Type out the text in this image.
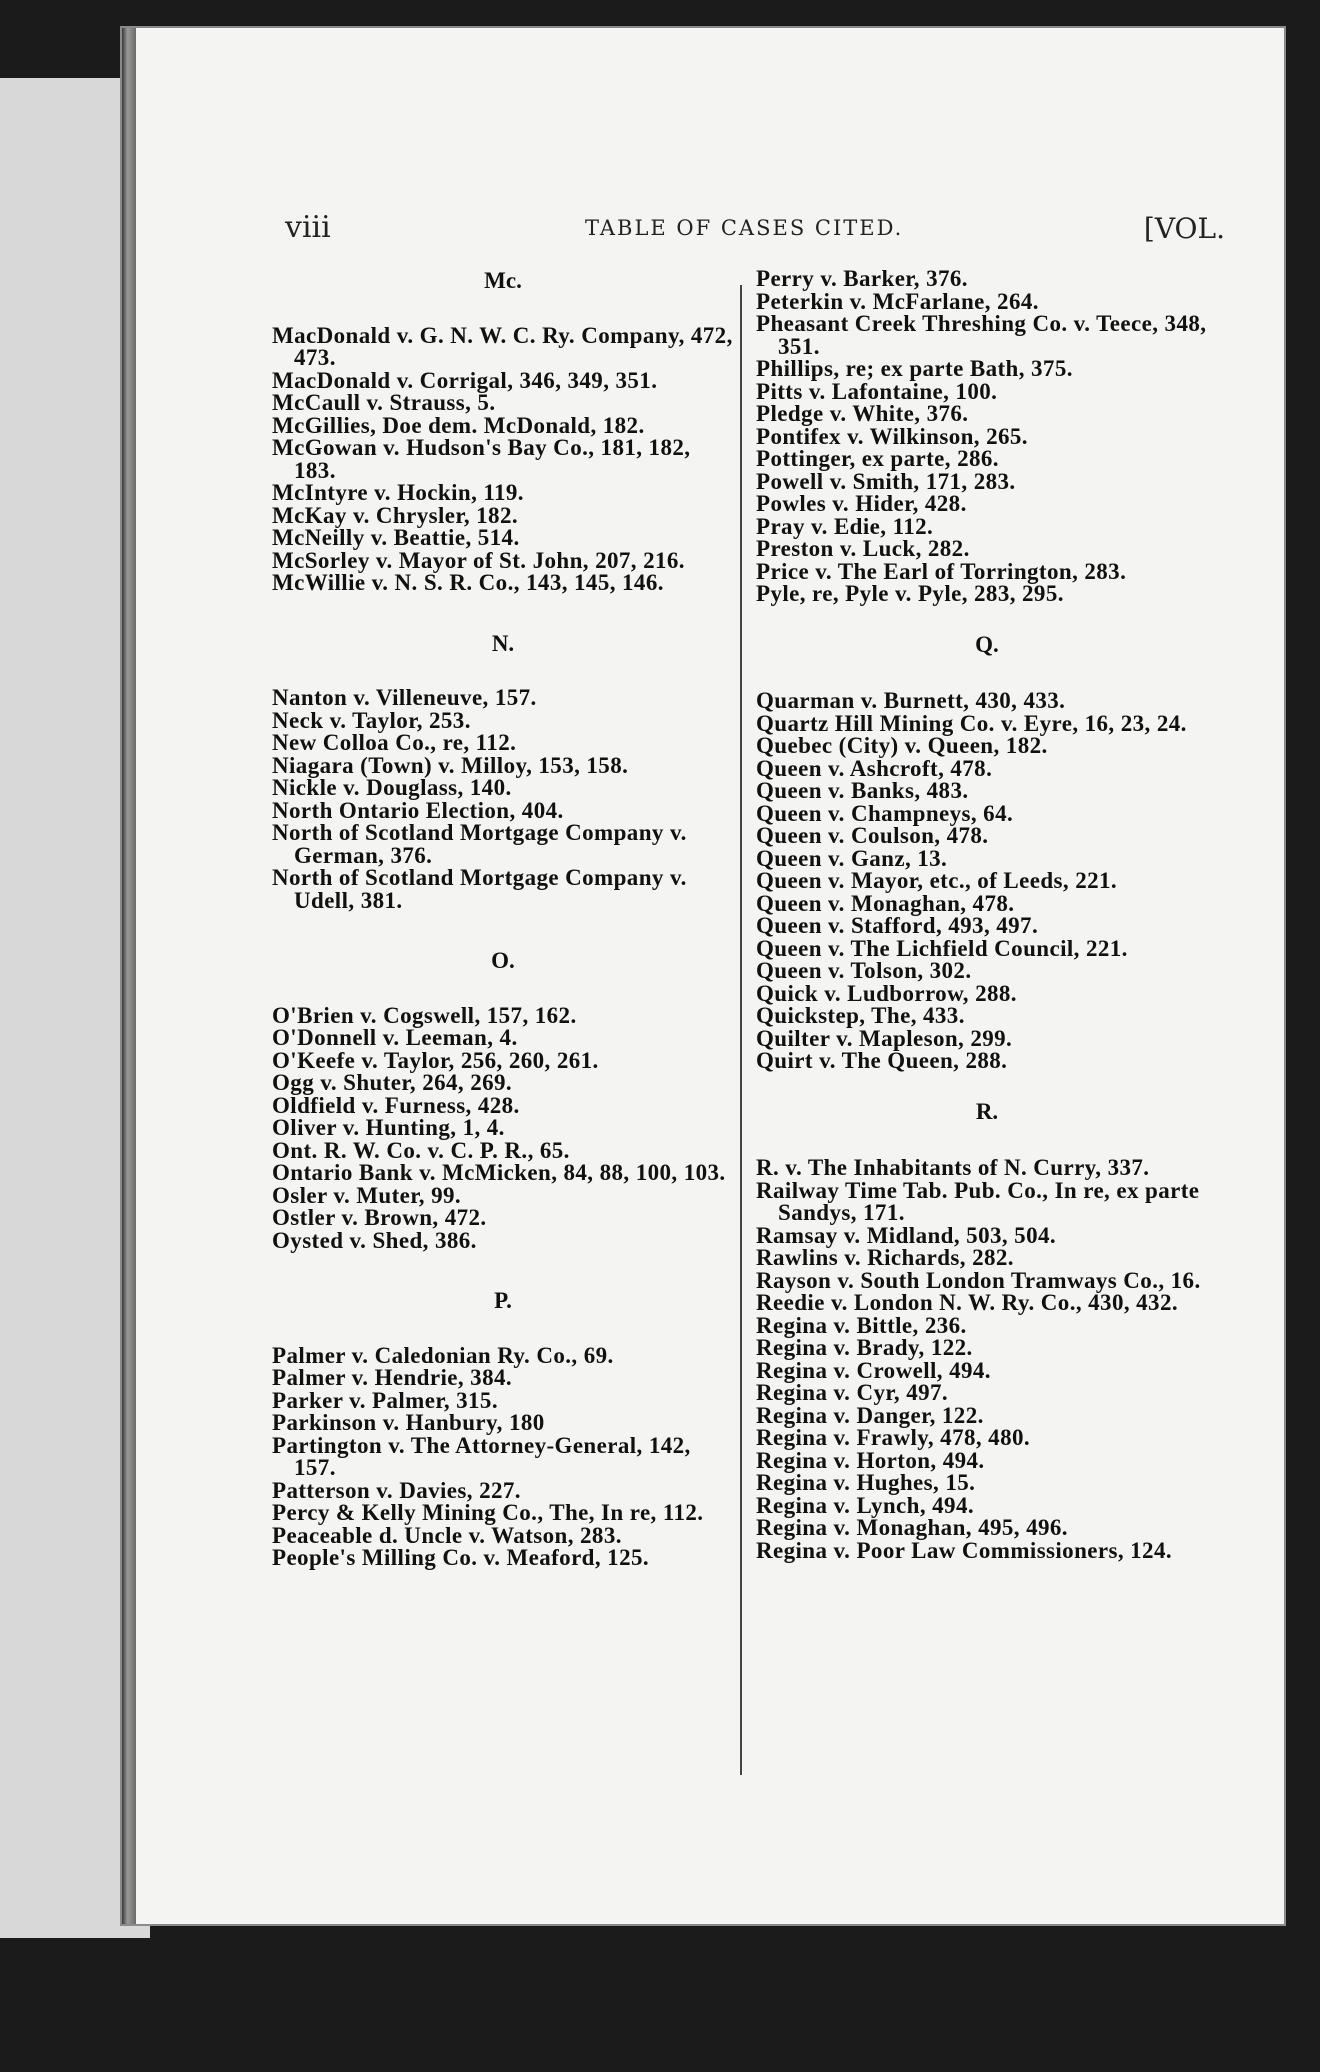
viii	TABLE OF CASES CITED.	[VOL.
Mc.
MacDonald v. G. N. W. C. Ry. Company, 472, 473.
MacDonald v. Corrigal, 346, 349, 351.
McCaull v. Strauss, 5.
McGillies, Doe dem. McDonald, 182.
McGowan v. Hudson's Bay Co., 181, 182, 183.
McIntyre v. Hockin, 119.
McKay v. Chrysler, 182.
McNeilly v. Beattie, 514.
McSorley v. Mayor of St. John, 207, 216.
McWillie v. N. S. R. Co., 143, 145, 146.
N.
Nanton v. Villeneuve, 157.
Neck v. Taylor, 253.
New Colloa Co., re, 112.
Niagara (Town) v. Milloy, 153, 158.
Nickle v. Douglass, 140.
North Ontario Election, 404.
North of Scotland Mortgage Company v. German, 376.
North of Scotland Mortgage Company v. Udell, 381.
O.
O'Brien v. Cogswell, 157, 162.
O'Donnell v. Leeman, 4.
O'Keefe v. Taylor, 256, 260, 261.
Ogg v. Shuter, 264, 269.
Oldfield v. Furness, 428.
Oliver v. Hunting, 1, 4.
Ont. R. W. Co. v. C. P. R., 65.
Ontario Bank v. McMicken, 84, 88, 100, 103.
Osler v. Muter, 99.
Ostler v. Brown, 472.
Oysted v. Shed, 386.
P.
Palmer v. Caledonian Ry. Co., 69.
Palmer v. Hendrie, 384.
Parker v. Palmer, 315.
Parkinson v. Hanbury, 180
Partington v. The Attorney-General, 142, 157.
Patterson v. Davies, 227.
Percy & Kelly Mining Co., The, In re, 112.
Peaceable d. Uncle v. Watson, 283.
People's Milling Co. v. Meaford, 125.
Perry v. Barker, 376.
Peterkin v. McFarlane, 264.
Pheasant Creek Threshing Co. v. Teece, 348, 351.
Phillips, re; ex parte Bath, 375.
Pitts v. Lafontaine, 100.
Pledge v. White, 376.
Pontifex v. Wilkinson, 265.
Pottinger, ex parte, 286.
Powell v. Smith, 171, 283.
Powles v. Hider, 428.
Pray v. Edie, 112.
Preston v. Luck, 282.
Price v. The Earl of Torrington, 283.
Pyle, re, Pyle v. Pyle, 283, 295.
Q.
Quarman v. Burnett, 430, 433.
Quartz Hill Mining Co. v. Eyre, 16, 23, 24.
Quebec (City) v. Queen, 182.
Queen v. Ashcroft, 478.
Queen v. Banks, 483.
Queen v. Champneys, 64.
Queen v. Coulson, 478.
Queen v. Ganz, 13.
Queen v. Mayor, etc., of Leeds, 221.
Queen v. Monaghan, 478.
Queen v. Stafford, 493, 497.
Queen v. The Lichfield Council, 221.
Queen v. Tolson, 302.
Quick v. Ludborrow, 288.
Quickstep, The, 433.
Quilter v. Mapleson, 299.
Quirt v. The Queen, 288.
R.
R. v. The Inhabitants of N. Curry, 337.
Railway Time Tab. Pub. Co., In re, ex parte Sandys, 171.
Ramsay v. Midland, 503, 504.
Rawlins v. Richards, 282.
Rayson v. South London Tramways Co., 16.
Reedie v. London N. W. Ry. Co., 430, 432.
Regina v. Bittle, 236.
Regina v. Brady, 122.
Regina v. Crowell, 494.
Regina v. Cyr, 497.
Regina v. Danger, 122.
Regina v. Frawly, 478, 480.
Regina v. Horton, 494.
Regina v. Hughes, 15.
Regina v. Lynch, 494.
Regina v. Monaghan, 495, 496.
Regina v. Poor Law Commissioners, 124.
